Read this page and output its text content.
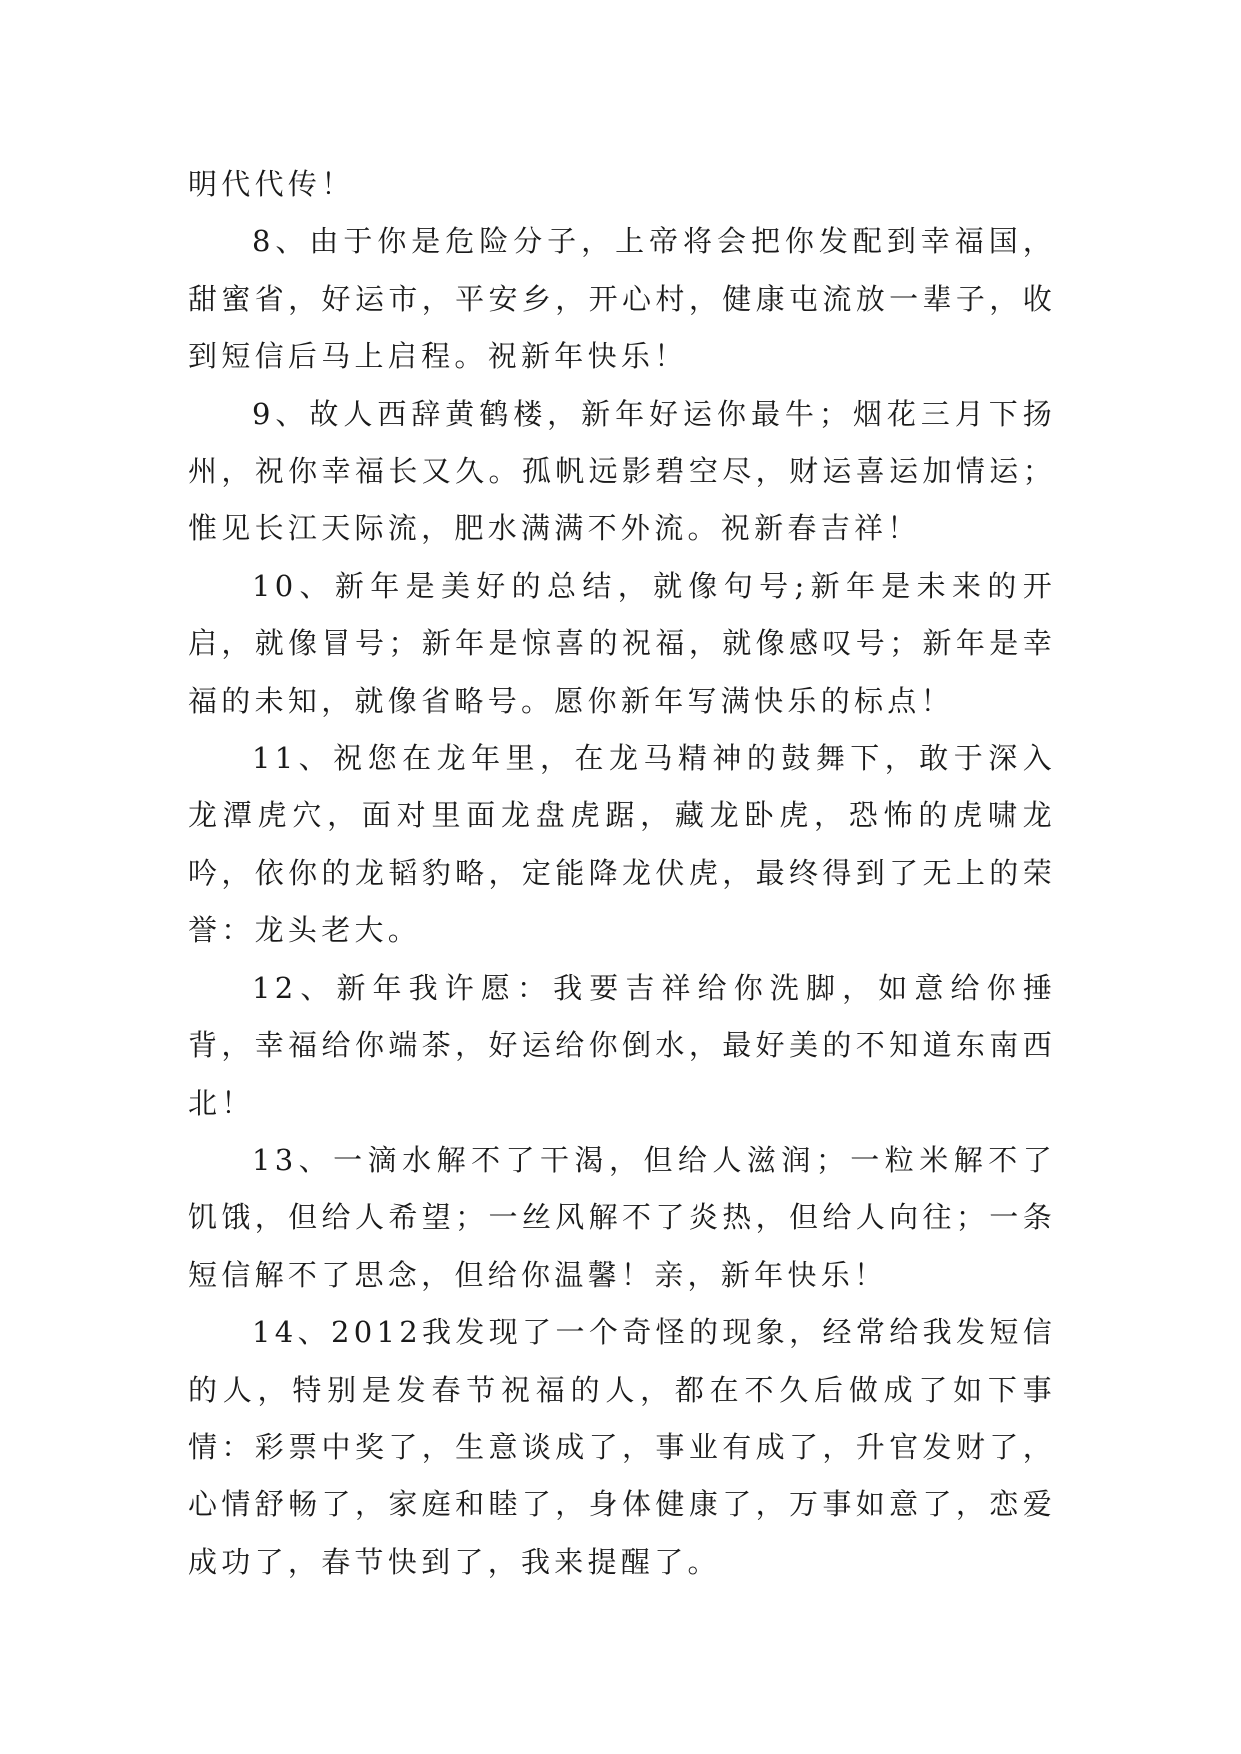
明代代传！

8、由于你是危险分子，上帝将会把你发配到幸福国，甜蜜省，好运市，平安乡，开心村，健康屯流放一辈子，收到短信后马上启程。祝新年快乐！

9、故人西辞黄鹤楼，新年好运你最牛；烟花三月下扬州，祝你幸福长又久。孤帆远影碧空尽，财运喜运加情运；惟见长江天际流，肥水满满不外流。祝新春吉祥！

10、新年是美好的总结，就像句号;新年是未来的开启，就像冒号；新年是惊喜的祝福，就像感叹号；新年是幸福的未知，就像省略号。愿你新年写满快乐的标点！

11、祝您在龙年里，在龙马精神的鼓舞下，敢于深入龙潭虎穴，面对里面龙盘虎踞，藏龙卧虎，恐怖的虎啸龙吟，依你的龙韬豹略，定能降龙伏虎，最终得到了无上的荣誉：龙头老大。

12、新年我许愿：我要吉祥给你洗脚，如意给你捶背，幸福给你端茶，好运给你倒水，最好美的不知道东南西北！

13、一滴水解不了干渴，但给人滋润；一粒米解不了饥饿，但给人希望；一丝风解不了炎热，但给人向往；一条短信解不了思念，但给你温馨！亲，新年快乐！

14、2012我发现了一个奇怪的现象，经常给我发短信的人，特别是发春节祝福的人，都在不久后做成了如下事情：彩票中奖了，生意谈成了，事业有成了，升官发财了，心情舒畅了，家庭和睦了，身体健康了，万事如意了，恋爱成功了，春节快到了，我来提醒了。
